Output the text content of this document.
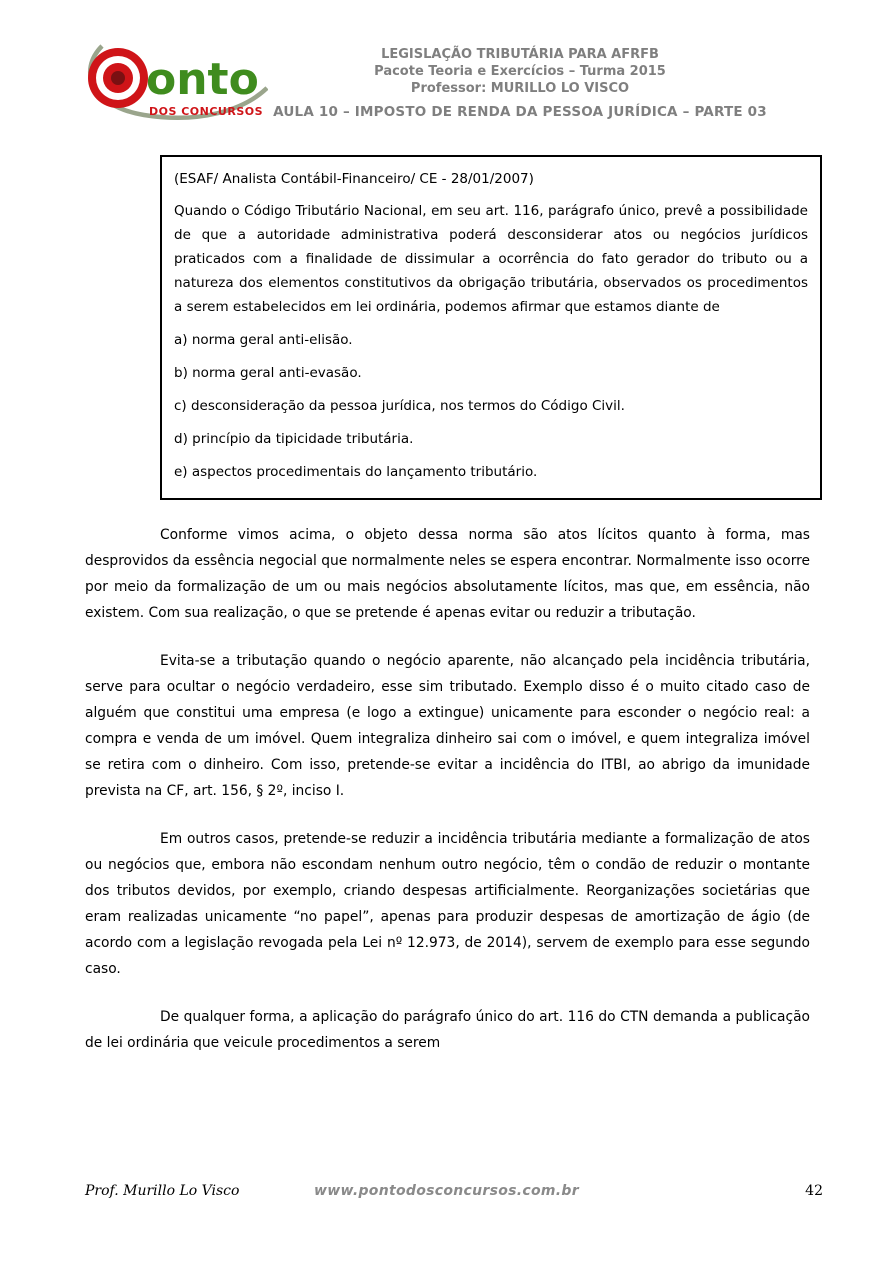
onto
DOS CONCURSOS
LEGISLAÇÃO TRIBUTÁRIA PARA AFRFB
Pacote Teoria e Exercícios – Turma 2015
Professor: MURILLO LO VISCO
AULA 10 – IMPOSTO DE RENDA DA PESSOA JURÍDICA – PARTE 03

(ESAF/ Analista Contábil-Financeiro/ CE - 28/01/2007)

Quando o Código Tributário Nacional, em seu art. 116, parágrafo único, prevê a possibilidade de que a autoridade administrativa poderá desconsiderar atos ou negócios jurídicos praticados com a finalidade de dissimular a ocorrência do fato gerador do tributo ou a natureza dos elementos constitutivos da obrigação tributária, observados os procedimentos a serem estabelecidos em lei ordinária, podemos afirmar que estamos diante de

a) norma geral anti-elisão.

b) norma geral anti-evasão.

c) desconsideração da pessoa jurídica, nos termos do Código Civil.

d) princípio da tipicidade tributária.

e) aspectos procedimentais do lançamento tributário.

Conforme vimos acima, o objeto dessa norma são atos lícitos quanto à forma, mas desprovidos da essência negocial que normalmente neles se espera encontrar. Normalmente isso ocorre por meio da formalização de um ou mais negócios absolutamente lícitos, mas que, em essência, não existem. Com sua realização, o que se pretende é apenas evitar ou reduzir a tributação.

Evita-se a tributação quando o negócio aparente, não alcançado pela incidência tributária, serve para ocultar o negócio verdadeiro, esse sim tributado. Exemplo disso é o muito citado caso de alguém que constitui uma empresa (e logo a extingue) unicamente para esconder o negócio real: a compra e venda de um imóvel. Quem integraliza dinheiro sai com o imóvel, e quem integraliza imóvel se retira com o dinheiro. Com isso, pretende-se evitar a incidência do ITBI, ao abrigo da imunidade prevista na CF, art. 156, § 2º, inciso I.

Em outros casos, pretende-se reduzir a incidência tributária mediante a formalização de atos ou negócios que, embora não escondam nenhum outro negócio, têm o condão de reduzir o montante dos tributos devidos, por exemplo, criando despesas artificialmente. Reorganizações societárias que eram realizadas unicamente “no papel”, apenas para produzir despesas de amortização de ágio (de acordo com a legislação revogada pela Lei nº 12.973, de 2014), servem de exemplo para esse segundo caso.

De qualquer forma, a aplicação do parágrafo único do art. 116 do CTN demanda a publicação de lei ordinária que veicule procedimentos a serem

Prof. Murillo Lo Visco	www.pontodosconcursos.com.br	42
